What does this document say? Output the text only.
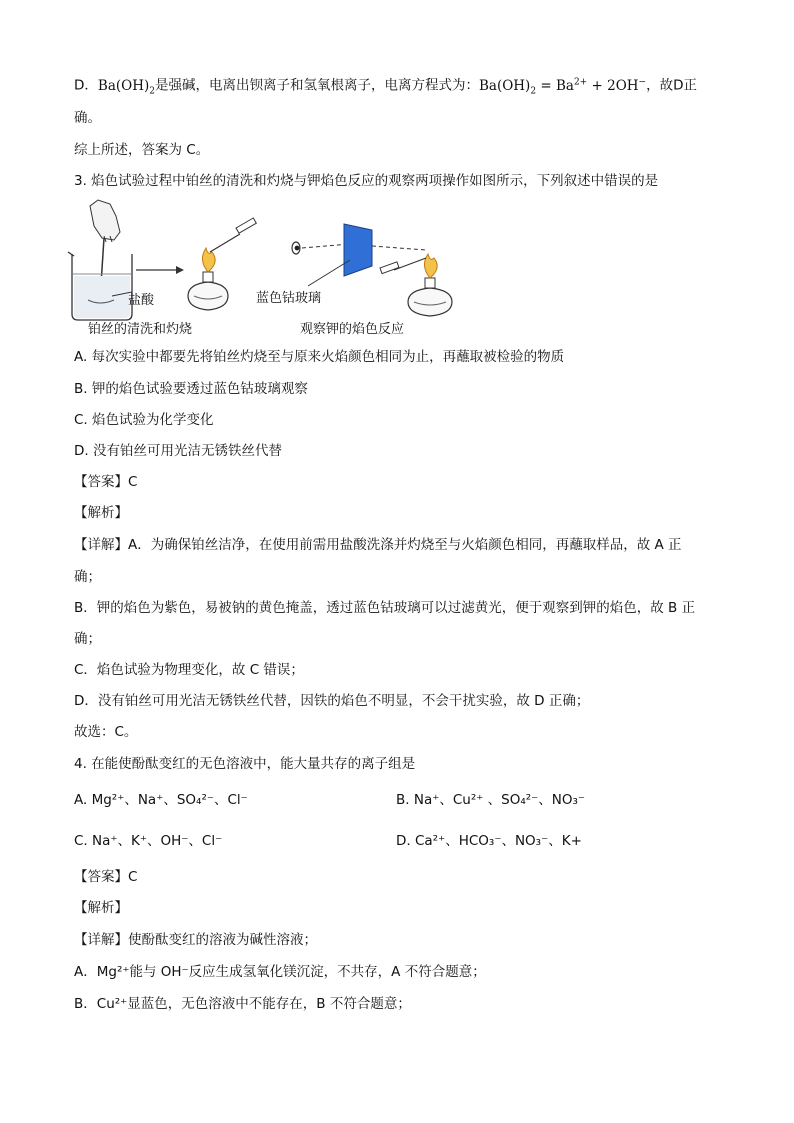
D．$Ba(OH)_2$是强碱，电离出钡离子和氢氧根离子，电离方程式为：$Ba(OH)_2 = Ba^{2+} + 2OH^-$，故D正
确。
综上所述，答案为 C。
3. 焰色试验过程中铂丝的清洗和灼烧与钾焰色反应的观察两项操作如图所示，下列叙述中错误的是
盐酸	蓝色钴玻璃
铂丝的清洗和灼烧	观察钾的焰色反应
A. 每次实验中都要先将铂丝灼烧至与原来火焰颜色相同为止，再蘸取被检验的物质
B. 钾的焰色试验要透过蓝色钴玻璃观察
C. 焰色试验为化学变化
D. 没有铂丝可用光洁无锈铁丝代替
【答案】C
【解析】
【详解】A．为确保铂丝洁净，在使用前需用盐酸洗涤并灼烧至与火焰颜色相同，再蘸取样品，故 A 正
确；
B．钾的焰色为紫色，易被钠的黄色掩盖，透过蓝色钴玻璃可以过滤黄光，便于观察到钾的焰色，故 B 正
确；
C．焰色试验为物理变化，故 C 错误；
D．没有铂丝可用光洁无锈铁丝代替，因铁的焰色不明显，不会干扰实验，故 D 正确；
故选：C。
4. 在能使酚酞变红的无色溶液中，能大量共存的离子组是
A. Mg²⁺、Na⁺、SO₄²⁻、Cl⁻	B. Na⁺、Cu²⁺ 、SO₄²⁻、NO₃⁻
C. Na⁺、K⁺、OH⁻、Cl⁻	D. Ca²⁺、HCO₃⁻、NO₃⁻、K+
【答案】C
【解析】
【详解】使酚酞变红的溶液为碱性溶液；
A．Mg²⁺能与 OH⁻反应生成氢氧化镁沉淀，不共存，A 不符合题意；
B．Cu²⁺显蓝色，无色溶液中不能存在，B 不符合题意；
